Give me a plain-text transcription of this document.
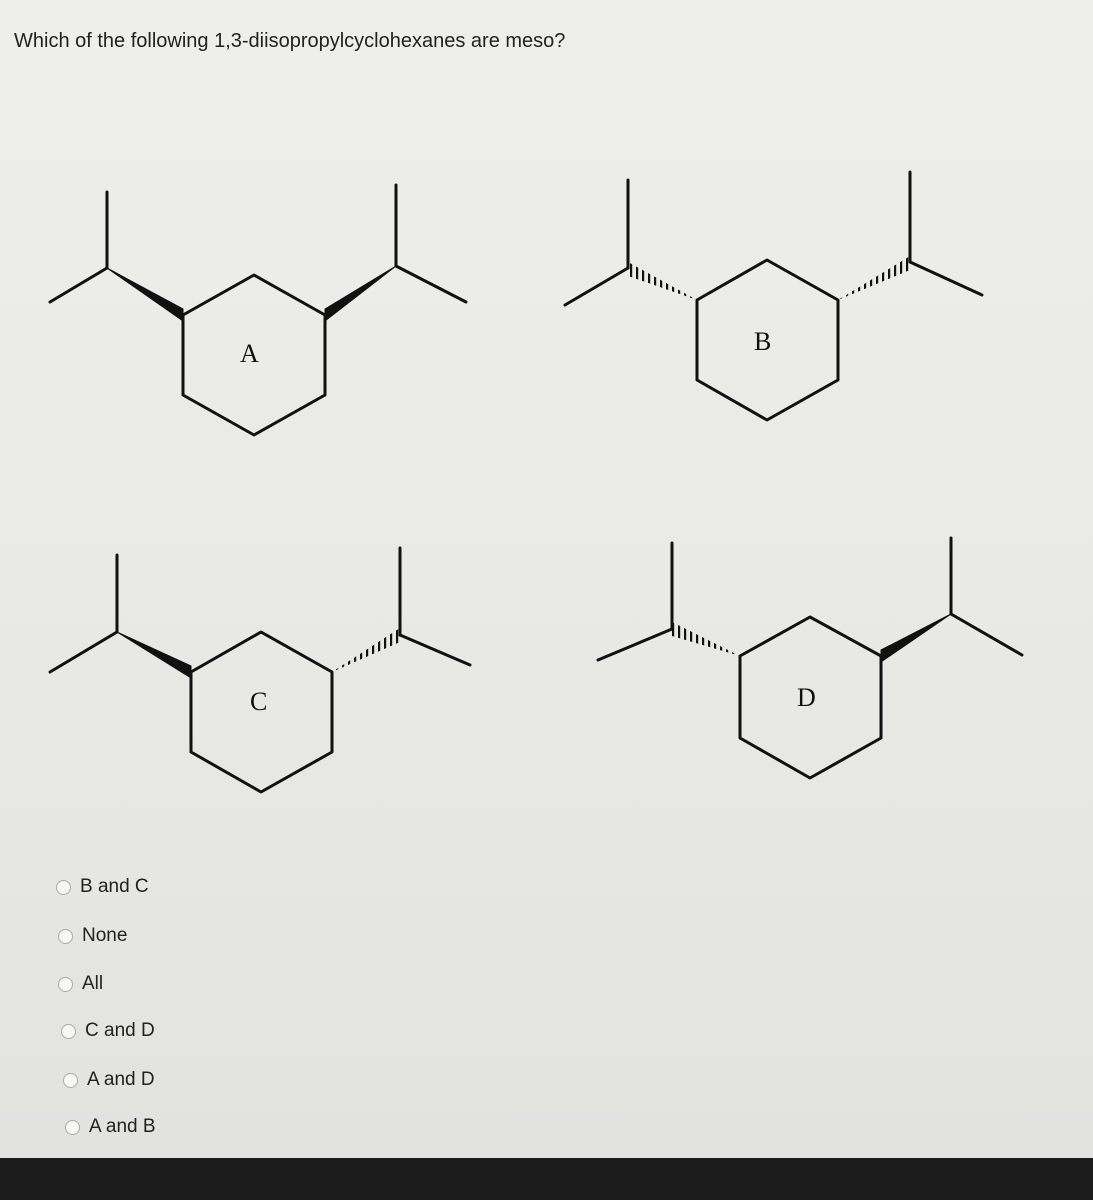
Which of the following 1,3-diisopropylcyclohexanes are meso?
A	B
C	D
B and C
None
All
C and D
A and D
A and B
